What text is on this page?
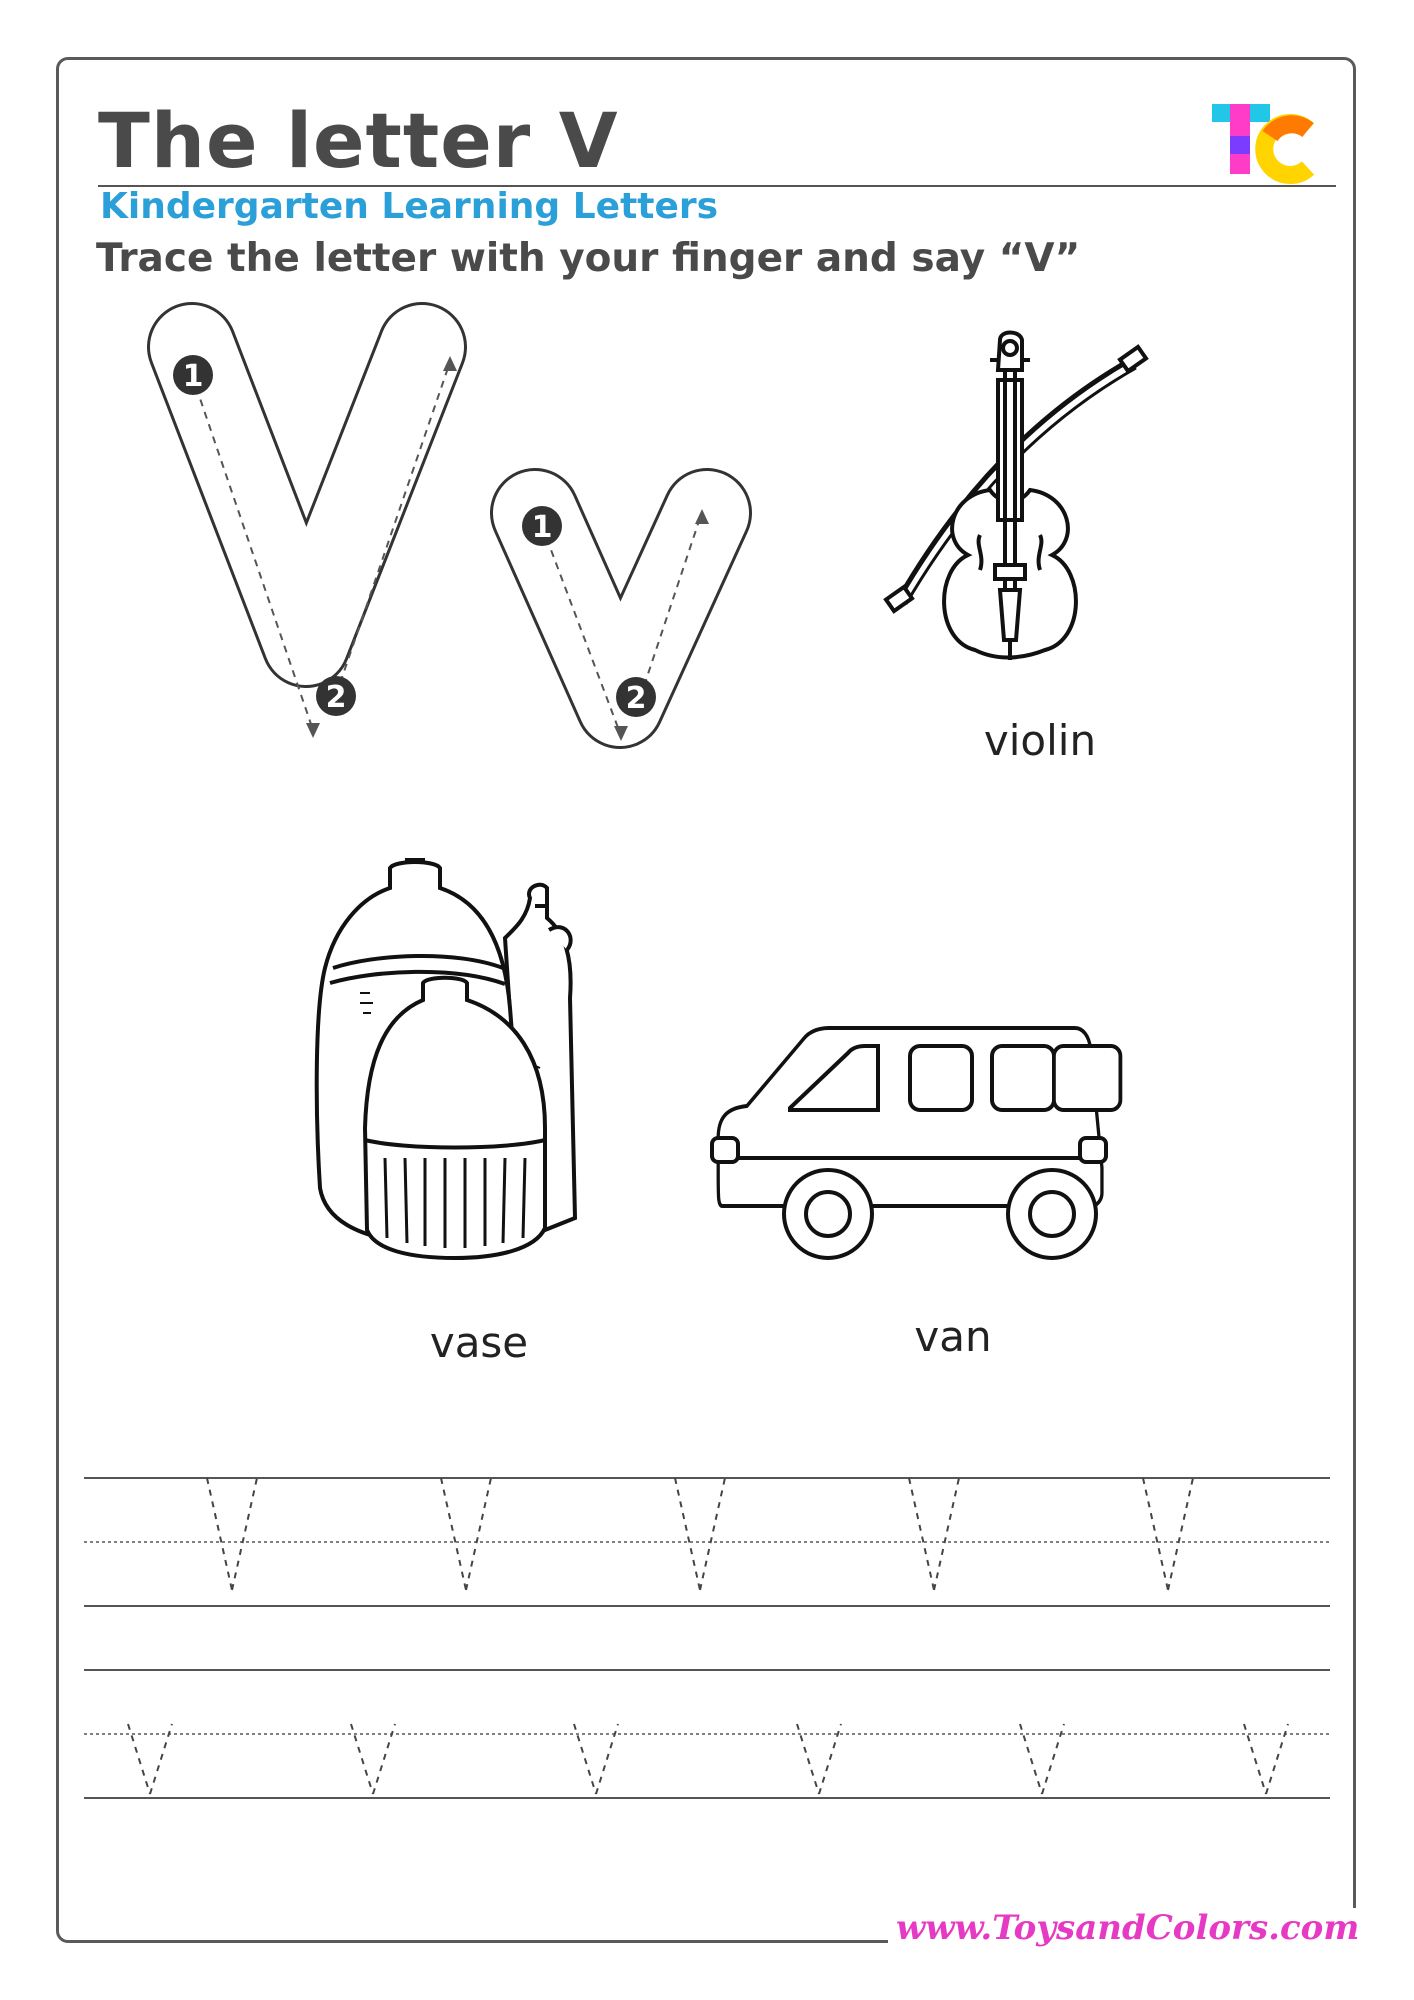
The letter V
Kindergarten Learning Letters
Trace the letter with your finger and say “V”
TC
1
2
1
2
violin
vase	van
www.ToysandColors.com
